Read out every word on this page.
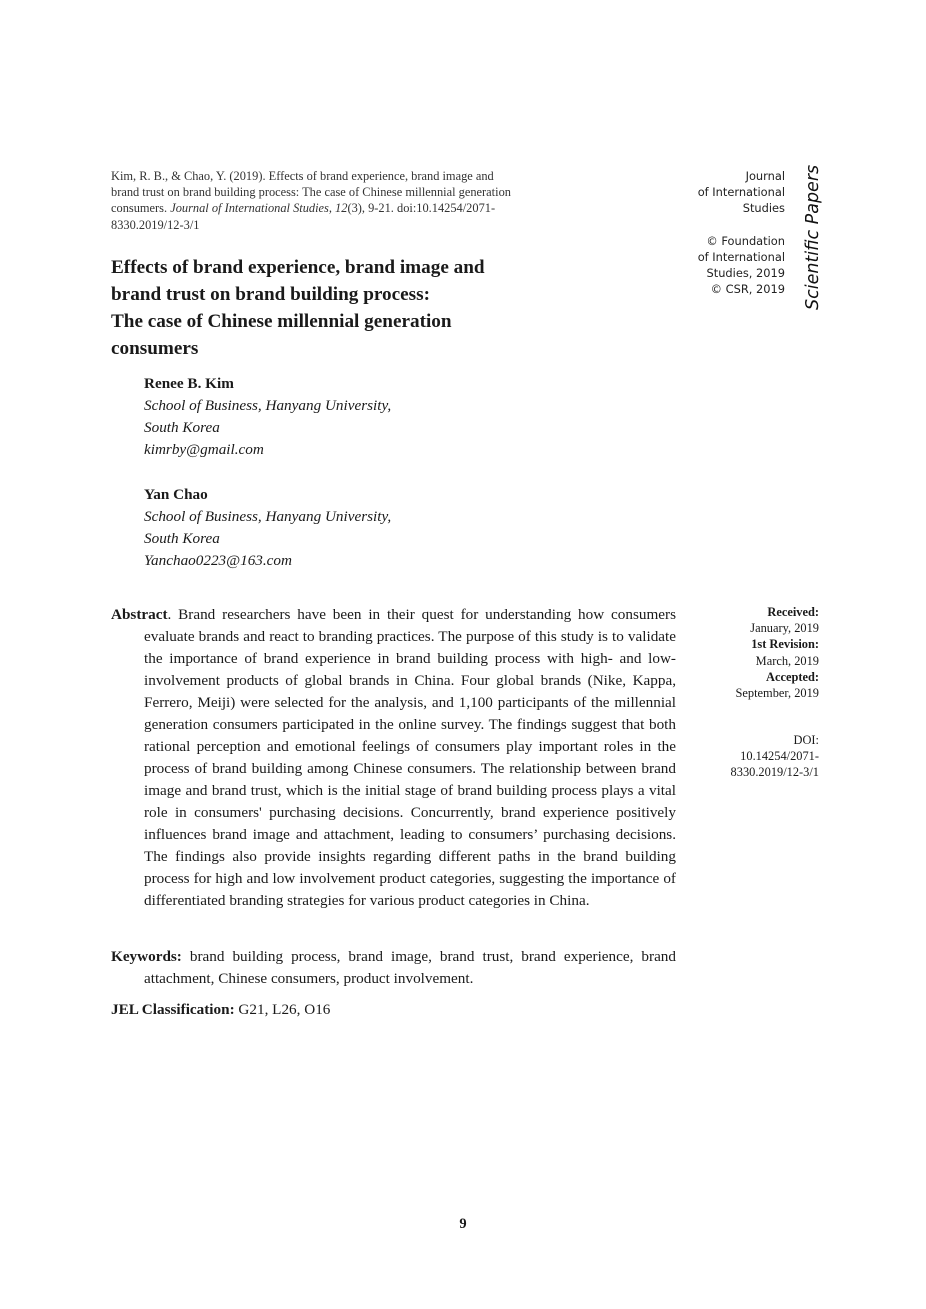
Kim, R. B., & Chao, Y. (2019). Effects of brand experience, brand image and
brand trust on brand building process: The case of Chinese millennial generation
consumers. Journal of International Studies, 12(3), 9-21. doi:10.14254/2071-
8330.2019/12-3/1
Journal
of International
Studies
© Foundation
of International
Studies, 2019
© CSR, 2019 Scientific Papers
Effects of brand experience, brand image and
brand trust on brand building process:
The case of Chinese millennial generation
consumers
Renee B. Kim
School of Business, Hanyang University,
South Korea
kimrby@gmail.com
Yan Chao
School of Business, Hanyang University,
South Korea
Yanchao0223@163.com

Abstract. Brand researchers have been in their quest for understanding how consumers evaluate brands and react to branding practices. The purpose of this study is to validate the importance of brand experience in brand building process with high- and low-involvement products of global brands in China. Four global brands (Nike, Kappa, Ferrero, Meiji) were selected for the analysis, and 1,100 participants of the millennial generation consumers participated in the online survey. The findings suggest that both rational perception and emotional feelings of consumers play important roles in the process of brand building among Chinese consumers. The relationship between brand image and brand trust, which is the initial stage of brand building process plays a vital role in consumers' purchasing decisions. Concurrently, brand experience positively influences brand image and attachment, leading to consumers’ purchasing decisions. The findings also provide insights regarding different paths in the brand building process for high and low involvement product categories, suggesting the importance of differentiated branding strategies for various product categories in China.

Keywords: brand building process, brand image, brand trust, brand experience, brand attachment, Chinese consumers, product involvement.

JEL Classification: G21, L26, O16
Received:
January, 2019
1st Revision:
March, 2019
Accepted:
September, 2019
DOI:
10.14254/2071-
8330.2019/12-3/1
9
